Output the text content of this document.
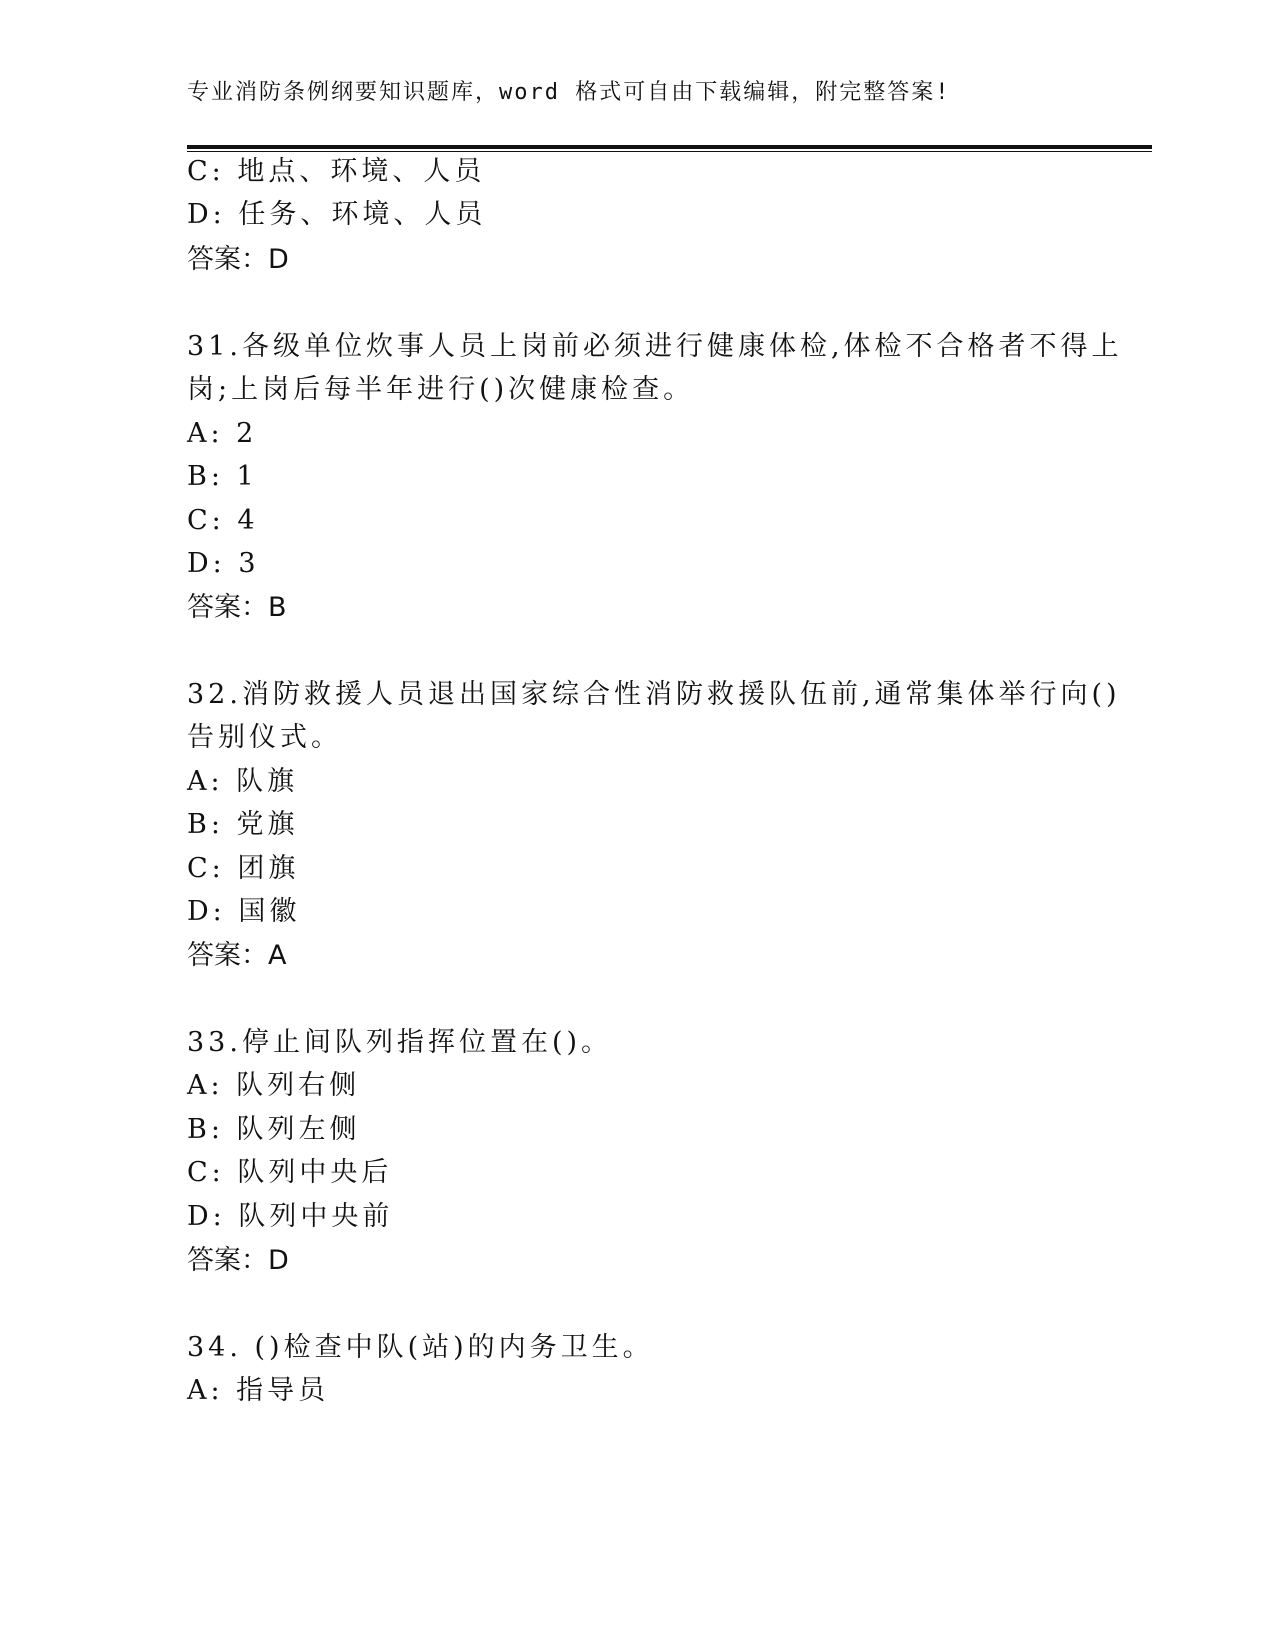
专业消防条例纲要知识题库，word 格式可自由下载编辑，附完整答案!
C: 地点、环境、人员
D: 任务、环境、人员
答案：D
31.各级单位炊事人员上岗前必须进行健康体检,体检不合格者不得上
岗;上岗后每半年进行()次健康检查。
A: 2
B: 1
C: 4
D: 3
答案：B
32.消防救援人员退出国家综合性消防救援队伍前,通常集体举行向()
告别仪式。
A: 队旗
B: 党旗
C: 团旗
D: 国徽
答案：A
33.停止间队列指挥位置在()。
A: 队列右侧
B: 队列左侧
C: 队列中央后
D: 队列中央前
答案：D
34. ()检查中队(站)的内务卫生。
A: 指导员
